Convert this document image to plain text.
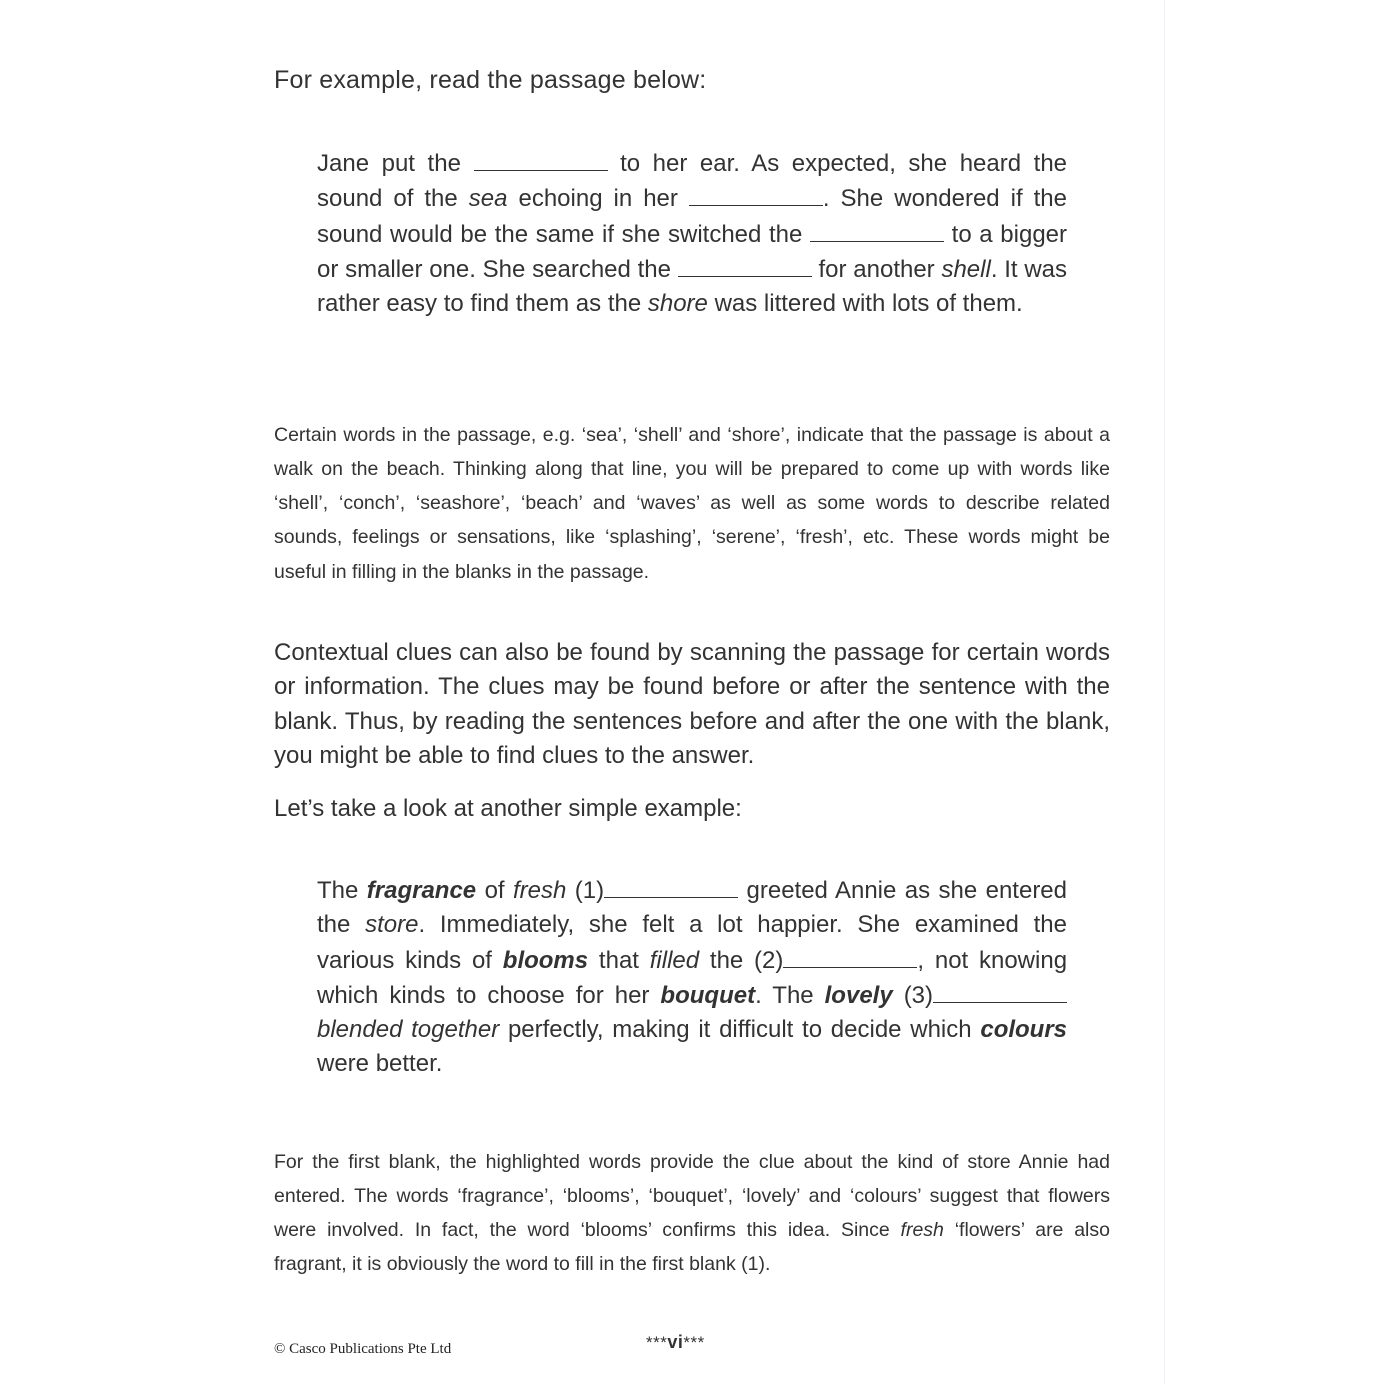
For example, read the passage below:

Jane put the	to her ear. As expected, she heard the sound of the sea echoing in her	. She wondered if the sound would be the same if she switched the	to a bigger or smaller one. She searched the	for another shell. It was rather easy to find them as the shore was littered with lots of them.

Certain words in the passage, e.g. ‘sea’, ‘shell’ and ‘shore’, indicate that the passage is about a walk on the beach. Thinking along that line, you will be prepared to come up with words like ‘shell’, ‘conch’, ‘seashore’, ‘beach’ and ‘waves’ as well as some words to describe related sounds, feelings or sensations, like ‘splashing’, ‘serene’, ‘fresh’, etc. These words might be useful in filling in the blanks in the passage.

Contextual clues can also be found by scanning the passage for certain words or information. The clues may be found before or after the sentence with the blank. Thus, by reading the sentences before and after the one with the blank, you might be able to find clues to the answer.

Let’s take a look at another simple example:

The fragrance of fresh (1)	greeted Annie as she entered the store. Immediately, she felt a lot happier. She examined the various kinds of blooms that filled the (2)	, not knowing which kinds to choose for her bouquet. The lovely (3) blended together perfectly, making it difficult to decide which colours were better.

For the first blank, the highlighted words provide the clue about the kind of store Annie had entered. The words ‘fragrance’, ‘blooms’, ‘bouquet’, ‘lovely’ and ‘colours’ suggest that flowers were involved. In fact, the word ‘blooms’ confirms this idea. Since fresh ‘flowers’ are also fragrant, it is obviously the word to fill in the first blank (1).

© Casco Publications Pte Ltd	***vi***
